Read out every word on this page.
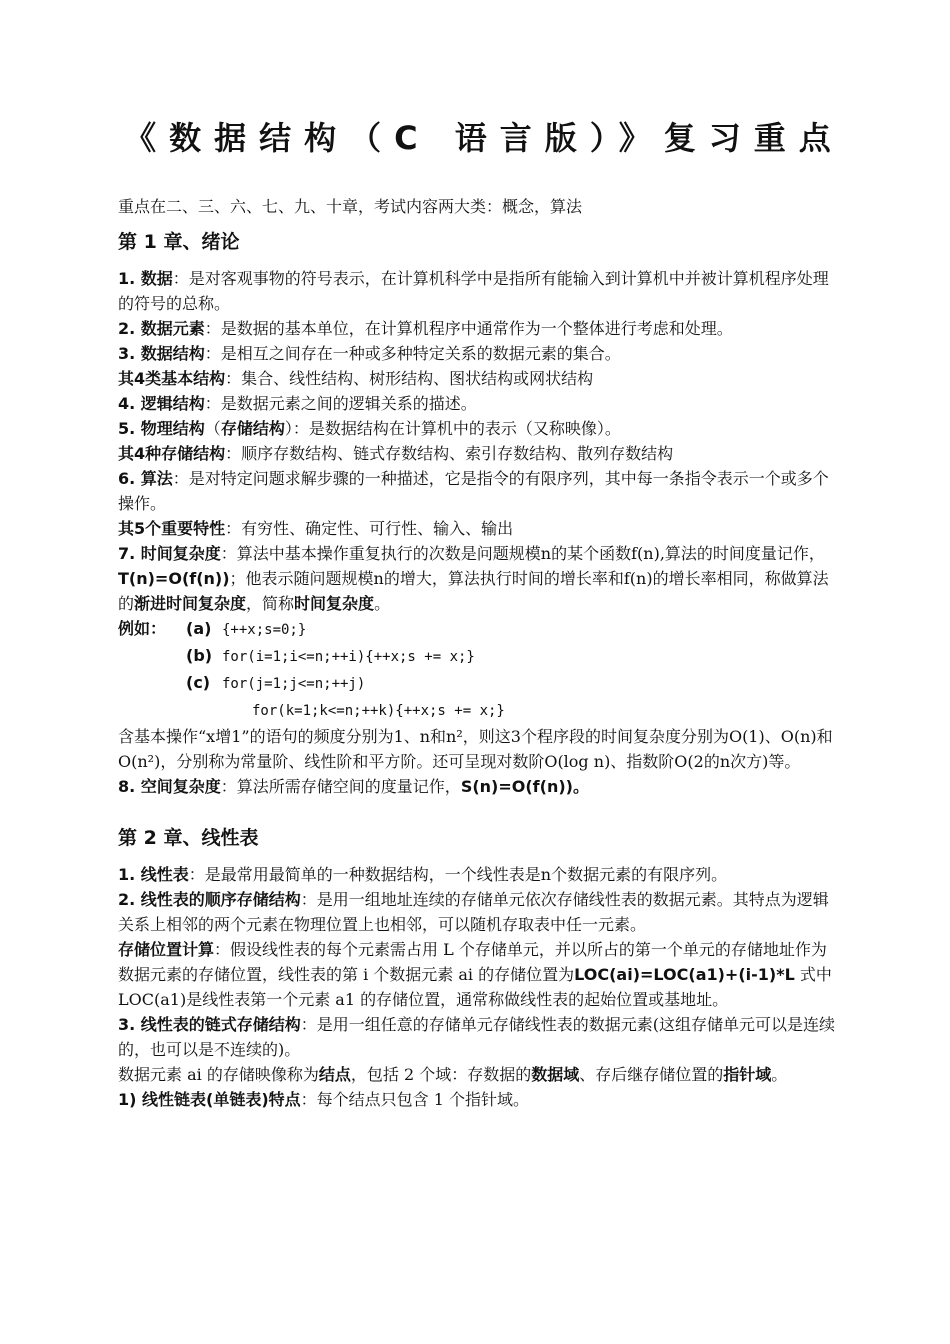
《数据结构（C 语言版）》复习重点

重点在二、三、六、七、九、十章，考试内容两大类：概念，算法

第 1 章、绪论

1. 数据：是对客观事物的符号表示，在计算机科学中是指所有能输入到计算机中并被计算机程序处理的符号的总称。

2. 数据元素：是数据的基本单位，在计算机程序中通常作为一个整体进行考虑和处理。

3. 数据结构：是相互之间存在一种或多种特定关系的数据元素的集合。

其4类基本结构：集合、线性结构、树形结构、图状结构或网状结构

4. 逻辑结构：是数据元素之间的逻辑关系的描述。

5. 物理结构（存储结构）：是数据结构在计算机中的表示（又称映像）。

其4种存储结构：顺序存数结构、链式存数结构、索引存数结构、散列存数结构

6. 算法：是对特定问题求解步骤的一种描述，它是指令的有限序列，其中每一条指令表示一个或多个操作。

其5个重要特性：有穷性、确定性、可行性、输入、输出

7. 时间复杂度：算法中基本操作重复执行的次数是问题规模n的某个函数f(n),算法的时间度量记作，T(n)=O(f(n))；他表示随问题规模n的增大，算法执行时间的增长率和f(n)的增长率相同，称做算法的渐进时间复杂度，简称时间复杂度。

例如： (a) {++x;s=0;}

(b) for(i=1;i<=n;++i){++x;s += x;}

(c) for(j=1;j<=n;++j)

for(k=1;k<=n;++k){++x;s += x;}

含基本操作“x增1”的语句的频度分别为1、n和n²，则这3个程序段的时间复杂度分别为O(1)、O(n)和O(n²)，分别称为常量阶、线性阶和平方阶。还可呈现对数阶O(log n)、指数阶O(2的n次方)等。

8. 空间复杂度：算法所需存储空间的度量记作，S(n)=O(f(n))。

第 2 章、线性表

1. 线性表：是最常用最简单的一种数据结构，一个线性表是n个数据元素的有限序列。

2. 线性表的顺序存储结构：是用一组地址连续的存储单元依次存储线性表的数据元素。其特点为逻辑关系上相邻的两个元素在物理位置上也相邻，可以随机存取表中任一元素。

存储位置计算：假设线性表的每个元素需占用 L 个存储单元，并以所占的第一个单元的存储地址作为数据元素的存储位置，线性表的第 i 个数据元素 ai 的存储位置为LOC(ai)=LOC(a1)+(i-1)*L 式中 LOC(a1)是线性表第一个元素 a1 的存储位置，通常称做线性表的起始位置或基地址。

3. 线性表的链式存储结构：是用一组任意的存储单元存储线性表的数据元素(这组存储单元可以是连续的，也可以是不连续的)。

数据元素 ai 的存储映像称为结点，包括 2 个域：存数据的数据域、存后继存储位置的指针域。

1) 线性链表(单链表)特点：每个结点只包含 1 个指针域。
